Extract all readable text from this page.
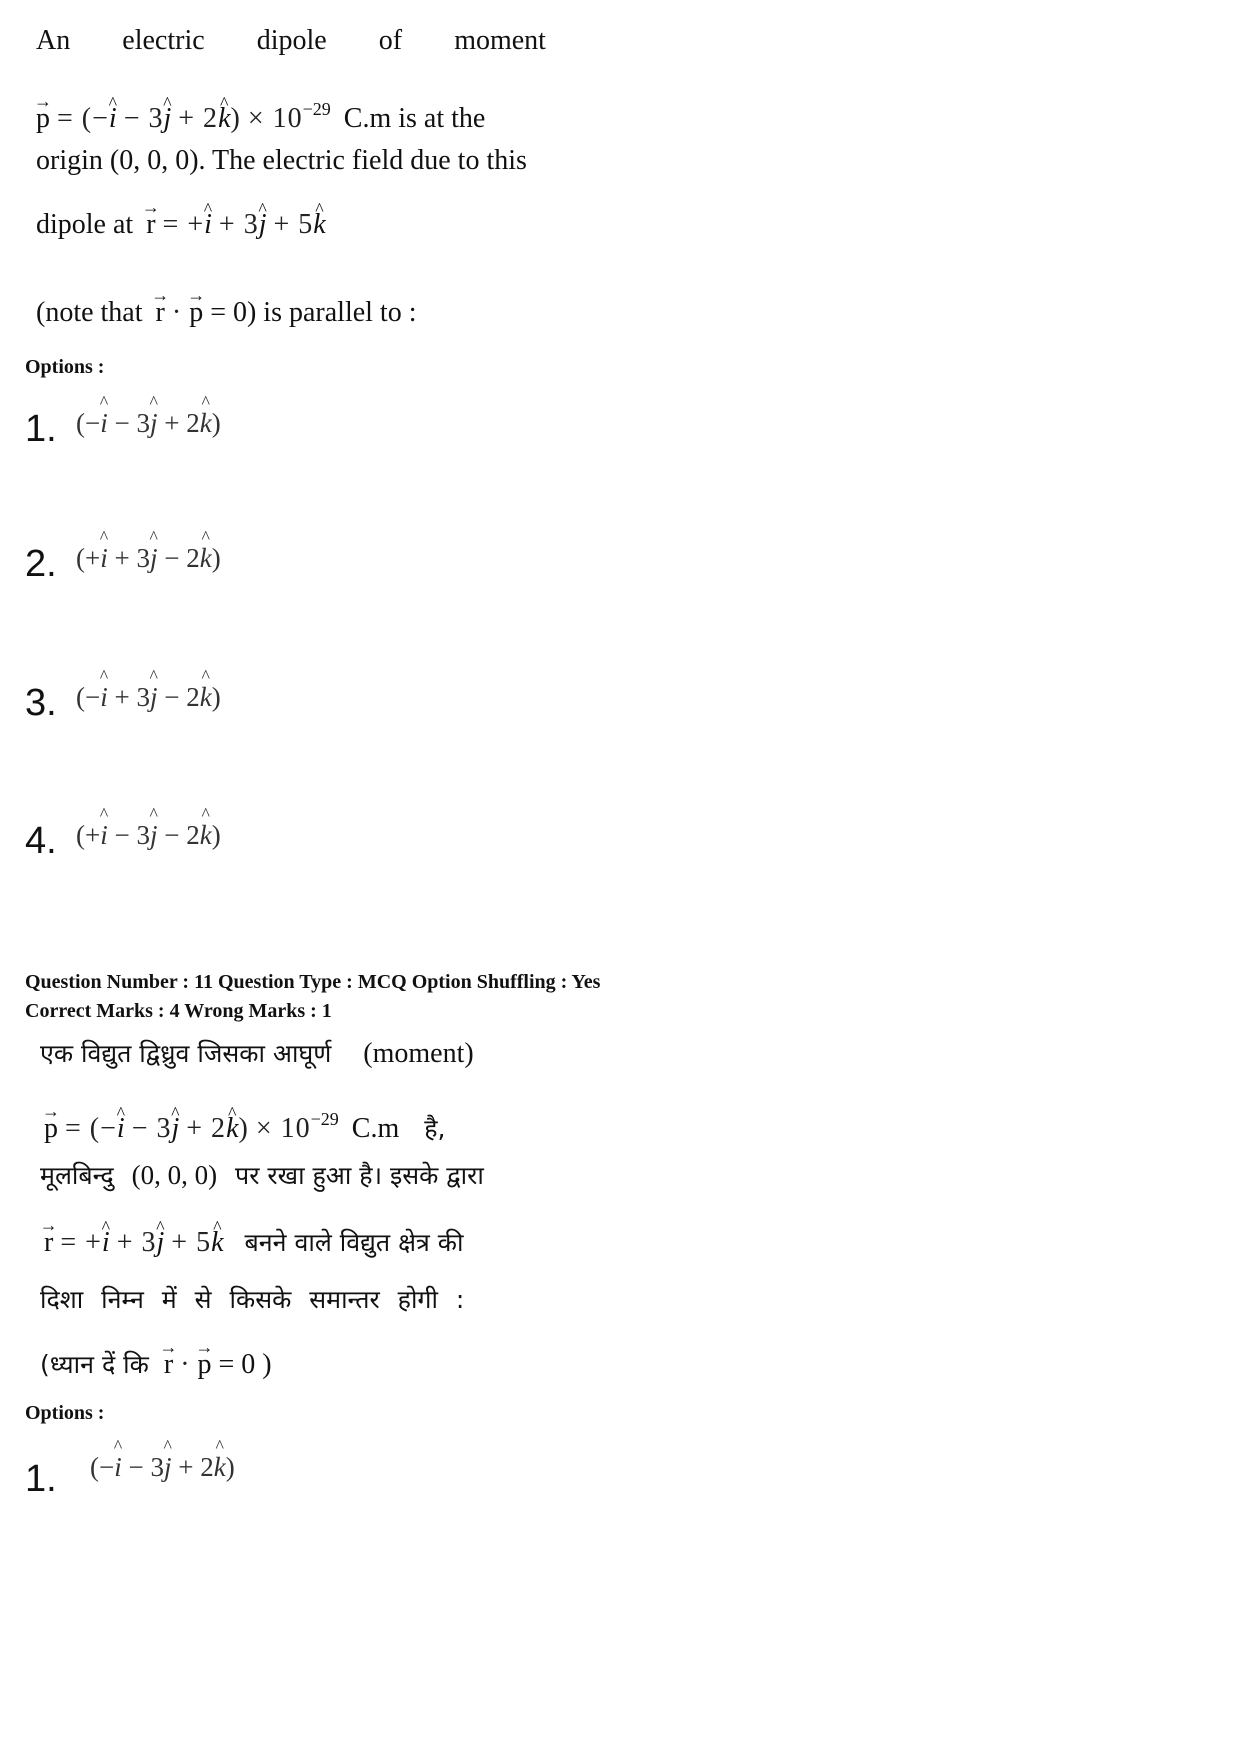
An electric dipole of moment
→ p = (−^ i − 3^ j + 2^ $k) \times 10^{-29}$ C.m is at the
origin (0, 0, 0). The electric field due to this
dipole at → r = +^ i + 3^ j + 5^ k
(note that → r · → p = 0) is parallel to :
Options :
1. (−^ i − 3^ j + 2^ k)
2. (+^ i + 3^ j − 2^ k)
3. (−^ i + 3^ j − 2^ k)
4. (+^ i − 3^ j − 2^ k)
Question Number : 11 Question Type : MCQ Option Shuffling : Yes
Correct Marks : 4 Wrong Marks : 1
एक विद्युत द्विध्रुव जिसका आघूर्ण (moment)
→ p = (−^ i − 3^ j + 2^ $k) \times 10^{-29}$ C.m है,
मूलबिन्दु (0, 0, 0) पर रखा हुआ है। इसके द्वारा
→ r = +^ i + 3^ j + 5^ k बनने वाले विद्युत क्षेत्र की
दिशा निम्न में से किसके समान्तर होगी :
(ध्यान दें कि → r · → p = 0 )
Options :
1. (−^ i − 3^ j + 2^ k)
